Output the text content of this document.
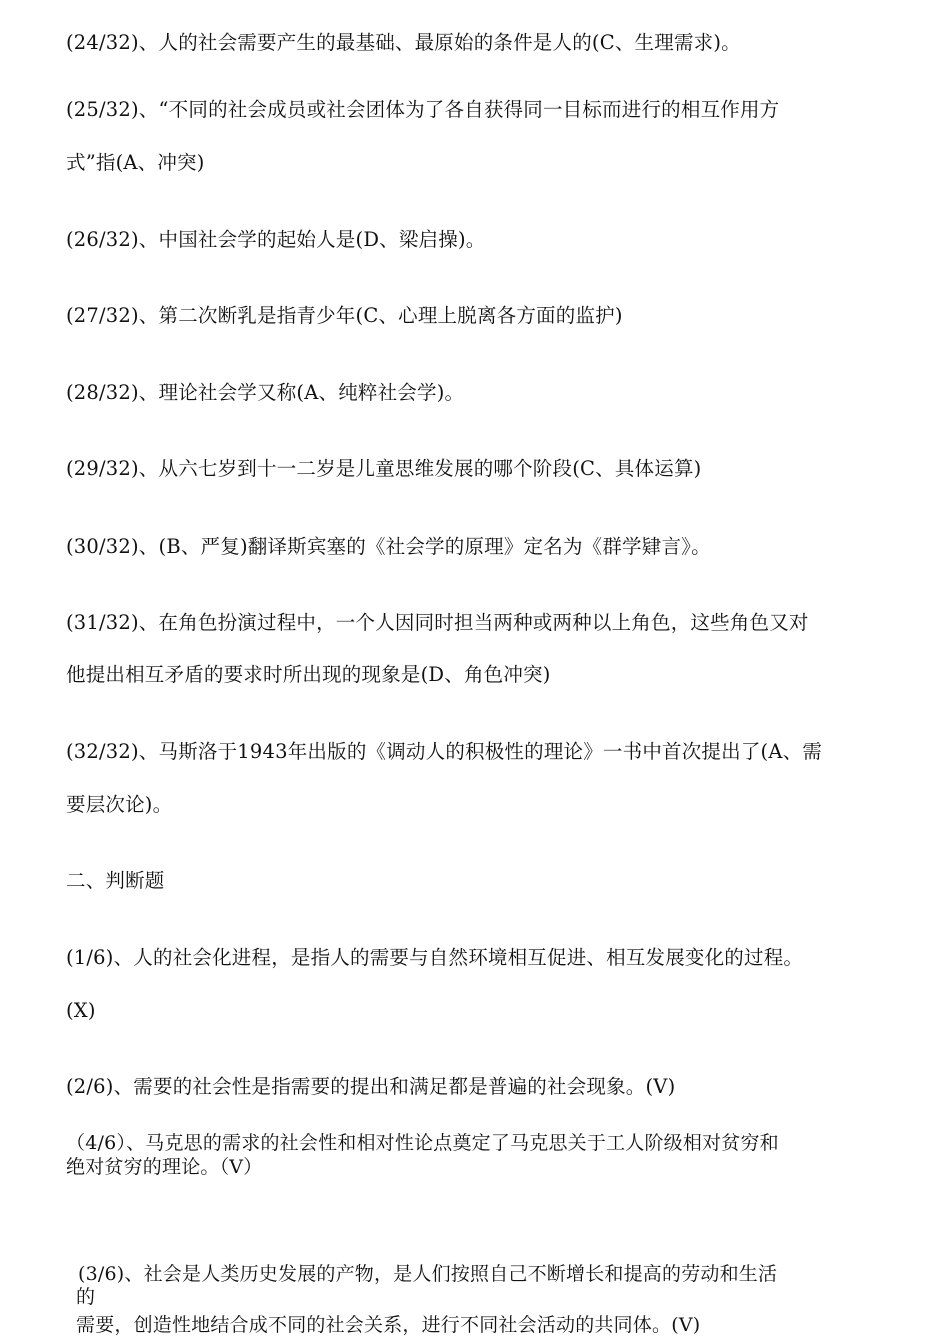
(24/32)、人的社会需要产生的最基础、最原始的条件是人的(C、生理需求)。
(25/32)、“不同的社会成员或社会团体为了各自获得同一目标而进行的相互作用方
式”指(A、冲突)
(26/32)、中国社会学的起始人是(D、梁启操)。
(27/32)、第二次断乳是指青少年(C、心理上脱离各方面的监护)
(28/32)、理论社会学又称(A、纯粹社会学)。
(29/32)、从六七岁到十一二岁是儿童思维发展的哪个阶段(C、具体运算)
(30/32)、(B、严复)翻译斯宾塞的《社会学的原理》定名为《群学肄言》。
(31/32)、在角色扮演过程中，一个人因同时担当两种或两种以上角色，这些角色又对
他提出相互矛盾的要求时所出现的现象是(D、角色冲突)
(32/32)、马斯洛于1943年出版的《调动人的积极性的理论》一书中首次提出了(A、需
要层次论)。
二、判断题
(1/6)、人的社会化进程，是指人的需要与自然环境相互促进、相互发展变化的过程。
(X)
(2/6)、需要的社会性是指需要的提出和满足都是普遍的社会现象。(V)
（4/6）、马克思的需求的社会性和相对性论点奠定了马克思关于工人阶级相对贫穷和
绝对贫穷的理论。（V）
(3/6)、社会是人类历史发展的产物，是人们按照自己不断增长和提高的劳动和生活
的
需要，创造性地结合成不同的社会关系，进行不同社会活动的共同体。(V)
